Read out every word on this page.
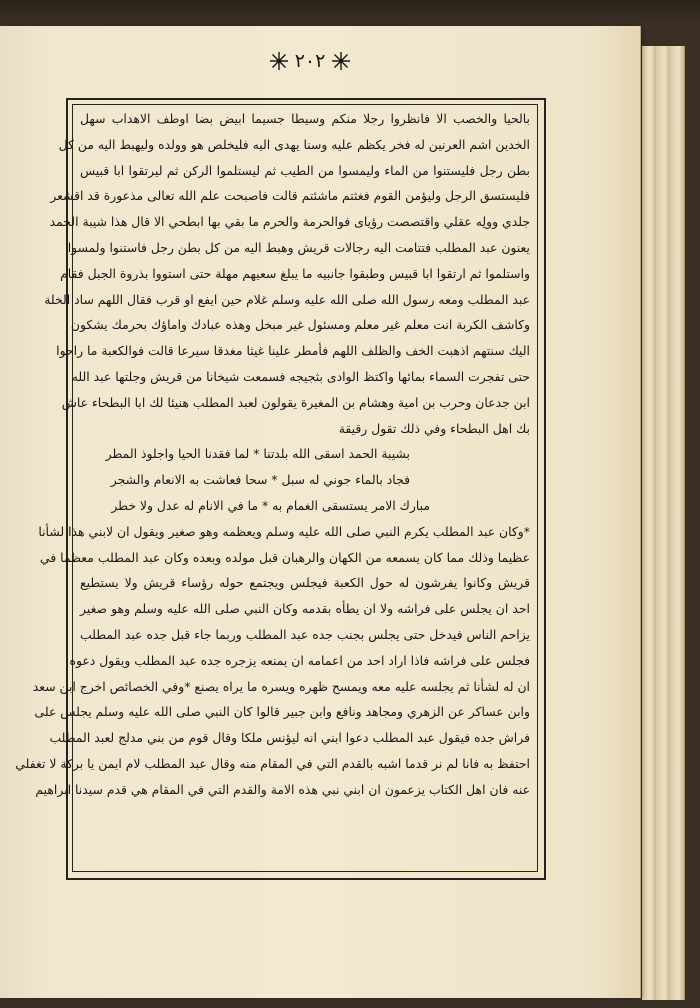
٢٠٢
بالحيا والخصب الا فانظروا رجلا منكم وسيطا جسيما ابيض بضا اوطف الاهداب سهل
الخدين اشم العرنين له فخر يكظم عليه وسنا يهدى اليه فليخلص هو وولده وليهبط اليه من كل
بطن رجل فليستنوا من الماء وليمسوا من الطيب ثم ليستلموا الركن ثم ليرتقوا ابا قبيس
فليستسق الرجل وليؤمن القوم فغثتم ماشئتم قالت فاصبحت علم الله تعالى مذعورة قد اقشعر
جلدي وولِه عقلي واقتصصت رؤياى فوالحرمة والحرم ما بقي بها ابطحي الا قال هذا شيبة الحمد
يعنون عبد المطلب فتتامت اليه رجالات قريش وهبط اليه من كل بطن رجل فاستنوا ولمسوا
واستلموا ثم ارتقوا ابا قبيس وطبقوا جانبيه ما يبلغ سعيهم مهلة حتى استووا بذروة الجبل فقام
عبد المطلب ومعه رسول الله صلى الله عليه وسلم غلام حين ايفع او قرب فقال اللهم ساد الخلة
وكاشف الكربة انت معلم غير معلم ومسئول غير مبخل وهذه عبادك واماؤك بحرمك يشكون
اليك سنتهم اذهبت الخف والظلف اللهم فأمطر علينا غيثا مغدقا سيرعا قالت فوالكعبة ما راحوا
حتى تفجرت السماء بمائها واكتظ الوادى بثجيجه فسمعت شيخانا من قريش وجلتها عبد الله
ابن جدعان وحرب بن امية وهشام بن المغيرة يقولون لعبد المطلب هنيئا لك ابا البطحاء عاش
بك اهل البطحاء وفي ذلك تقول رقيقة
بشيبة الحمد اسقى الله بلدتنا * لما فقدنا الحيا واجلوذ المطر
فجاد بالماء جوني له سبل * سحا فعاشت به الانعام والشجر
مبارك الامر يستسقى الغمام به * ما في الانام له عدل ولا خطر
*وكان عبد المطلب يكرم النبي صلى الله عليه وسلم ويعظمه وهو صغير ويقول ان لابني هذا لشأنا
عظيما وذلك مما كان يسمعه من الكهان والرهبان قبل مولده وبعده وكان عبد المطلب معظما في
قريش وكانوا يفرشون له حول الكعبة فيجلس ويجتمع حوله رؤساء قريش ولا يستطيع
احد ان يجلس على فراشه ولا ان يطأه بقدمه وكان النبي صلى الله عليه وسلم وهو صغير
يزاحم الناس فيدخل حتى يجلس بجنب جده عبد المطلب وربما جاء قبل جده عبد المطلب
فجلس على فراشه فاذا اراد احد من اعمامه ان يمنعه يزجره جده عبد المطلب ويقول دعوه
ان له لشأنا ثم يجلسه عليه معه ويمسح ظهره ويسره ما يراه يصنع *وفي الخصائص اخرج ابن سعد
وابن عساكر عن الزهري ومجاهد ونافع وابن جبير قالوا كان النبي صلى الله عليه وسلم يجلس على
فراش جده فيقول عبد المطلب دعوا ابني انه ليؤنس ملكا وقال قوم من بني مدلج لعبد المطلب
احتفظ به فانا لم نر قدما اشبه بالقدم التي في المقام منه وقال عبد المطلب لام ايمن يا بركة لا تغفلي
عنه فان اهل الكتاب يزعمون ان ابني نبي هذه الامة والقدم التي في المقام هي قدم سيدنا ابراهيم
